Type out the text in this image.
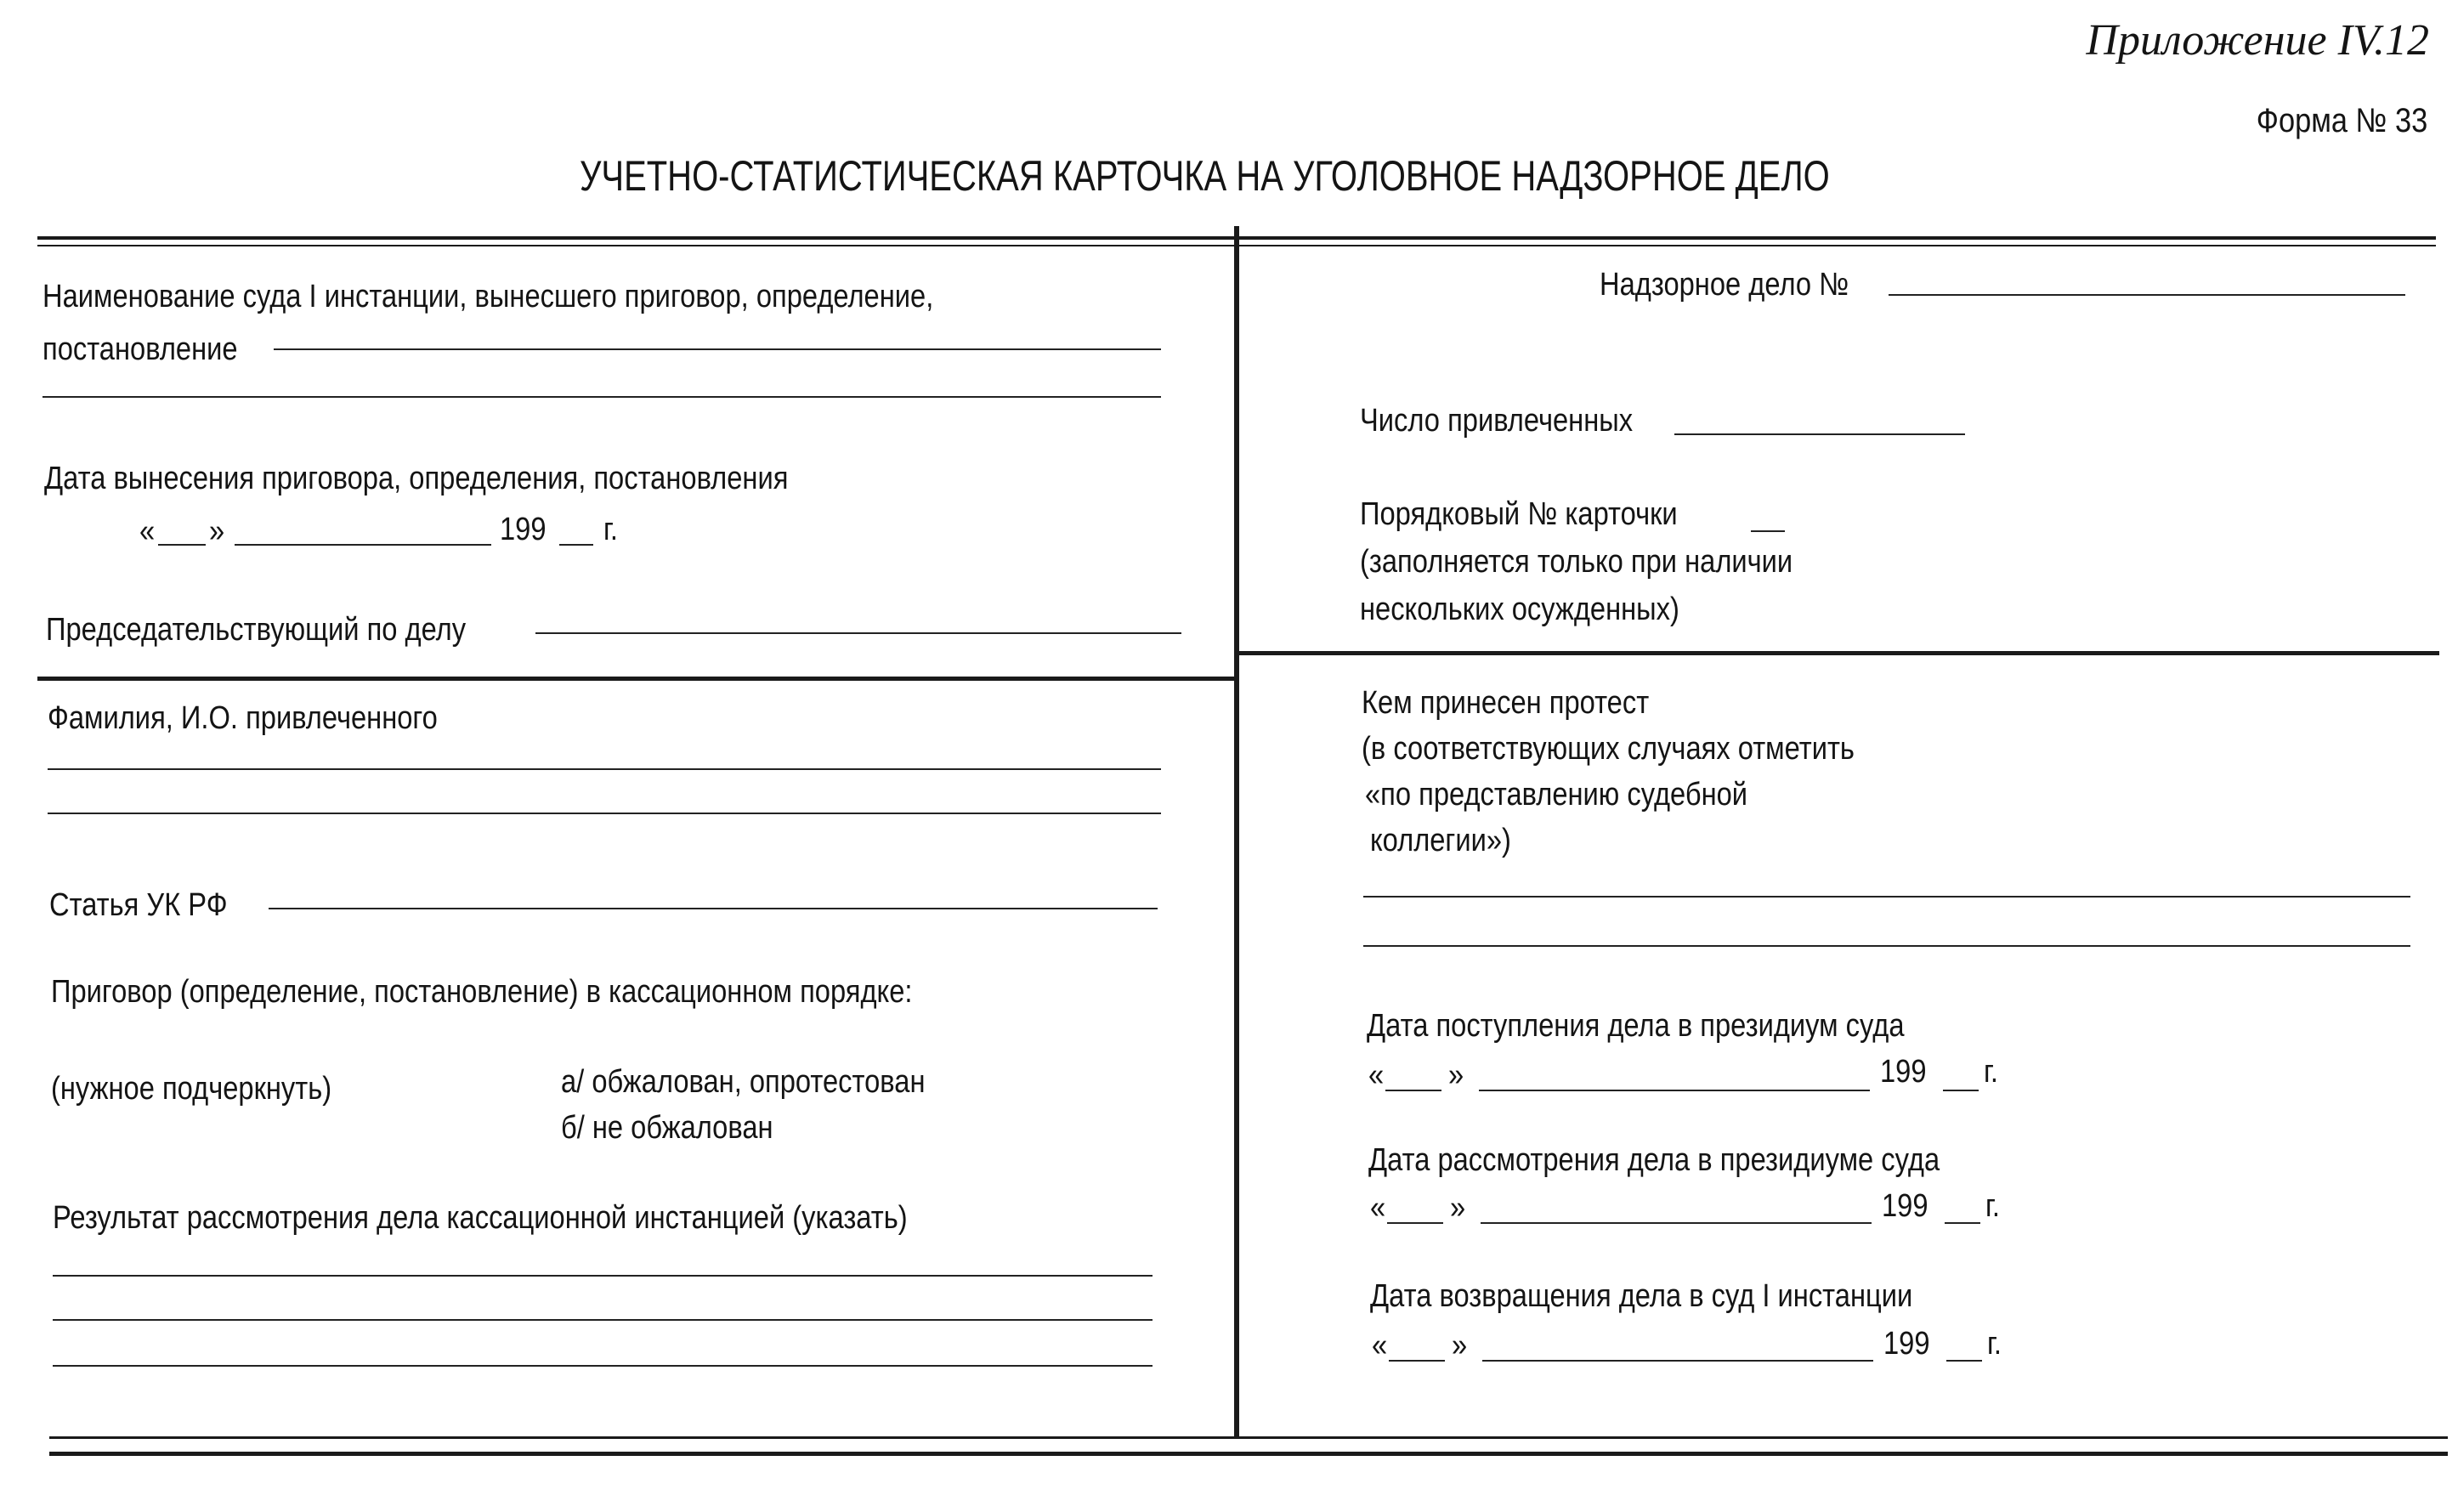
Приложение IV.12
Форма № 33
УЧЕТНО-СТАТИСТИЧЕСКАЯ КАРТОЧКА НА УГОЛОВНОЕ НАДЗОРНОЕ ДЕЛО
Наименование суда I инстанции, вынесшего приговор, определение,
постановление
Дата вынесения приговора, определения, постановления
« »	199 г.
Председательствующий по делу
Фамилия, И.О. привлеченного
Статья УК РФ
Приговор (определение, постановление) в кассационном порядке:
(нужное подчеркнуть)	а/ обжалован, опротестован
б/ не обжалован
Результат рассмотрения дела кассационной инстанцией (указать)
Надзорное дело №
Число привлеченных
Порядковый № карточки
(заполняется только при наличии
нескольких осужденных)
Кем принесен протест
(в соответствующих случаях отметить
«по представлению судебной
коллегии»)
Дата поступления дела в президиум суда
« »	199 г.
Дата рассмотрения дела в президиуме суда
« »	199 г.
Дата возвращения дела в суд I инстанции
« »	199 г.
